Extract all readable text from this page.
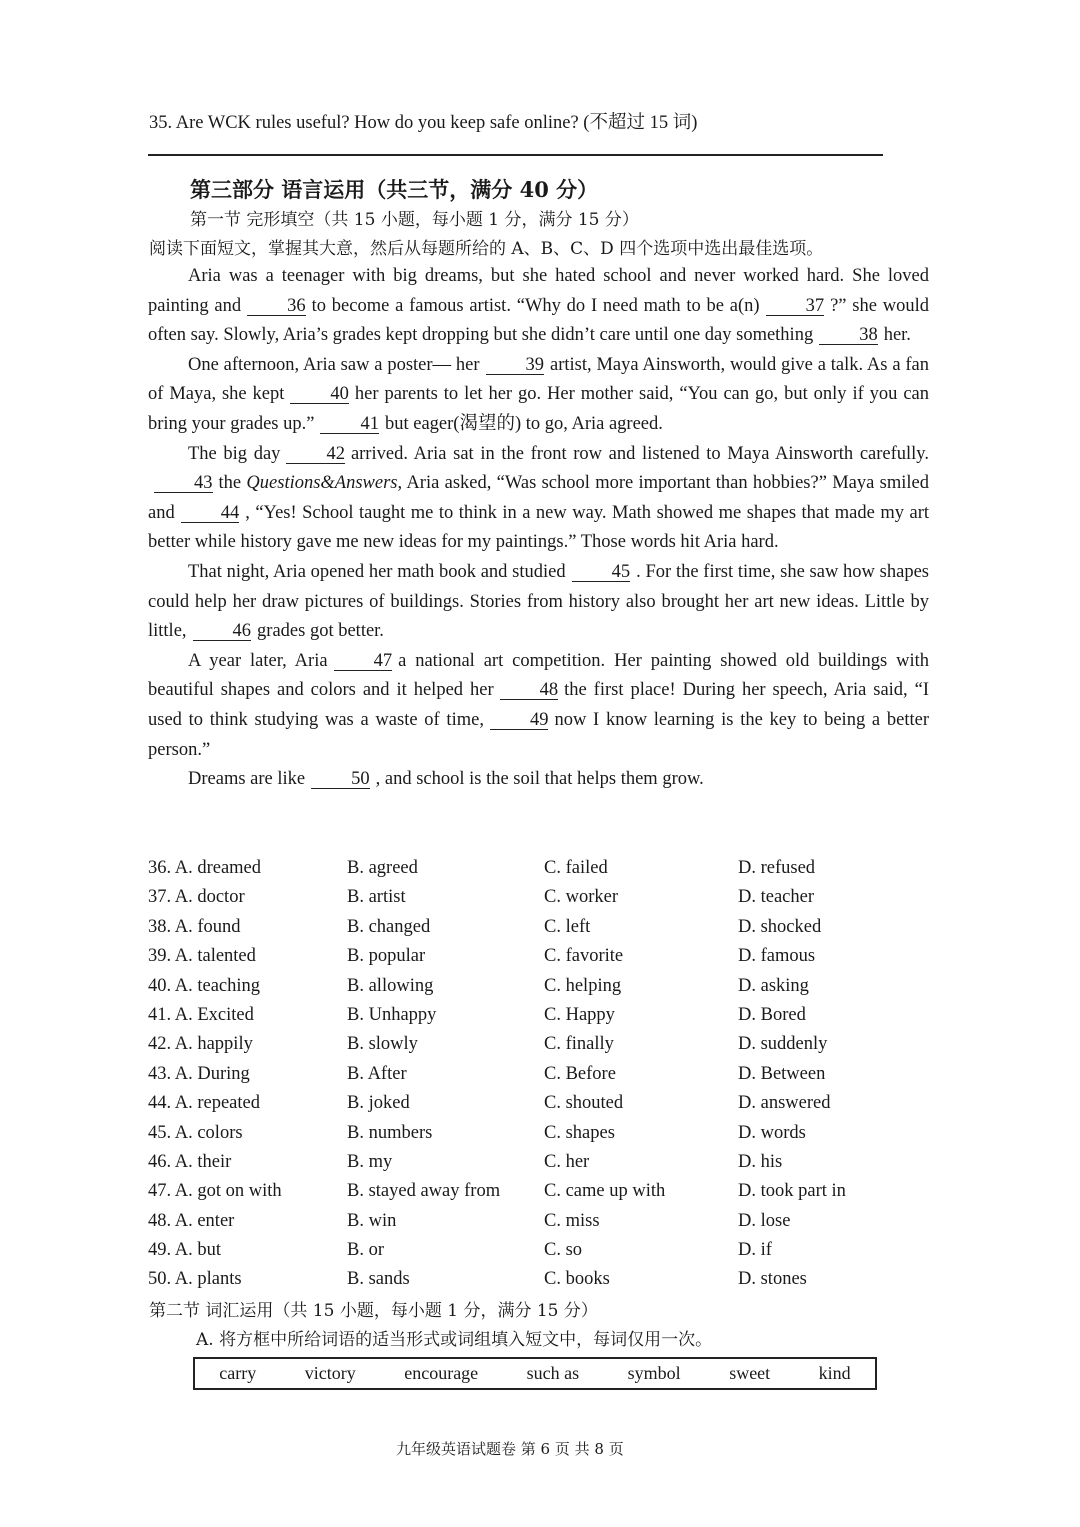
35. Are WCK rules useful? How do you keep safe online? (不超过 15 词)
第三部分 语言运用（共三节，满分 40 分）
第一节 完形填空（共 15 小题，每小题 1 分，满分 15 分）
阅读下面短文，掌握其大意，然后从每题所给的 A、B、C、D 四个选项中选出最佳选项。

Aria was a teenager with big dreams, but she hated school and never worked hard. She loved painting and 36 to become a famous artist. “Why do I need math to be a(n) 37 ?” she would often say. Slowly, Aria’s grades kept dropping but she didn’t care until one day something 38 her.

One afternoon, Aria saw a poster— her 39 artist, Maya Ainsworth, would give a talk. As a fan of Maya, she kept 40 her parents to let her go. Her mother said, “You can go, but only if you can bring your grades up.” 41 but eager(渴望的) to go, Aria agreed.

The big day 42 arrived. Aria sat in the front row and listened to Maya Ainsworth carefully.43 the Questions&Answers, Aria asked, “Was school more important than hobbies?” Maya smiled and 44 , “Yes! School taught me to think in a new way. Math showed me shapes that made my art better while history gave me new ideas for my paintings.” Those words hit Aria hard.

That night, Aria opened her math book and studied 45 . For the first time, she saw how shapes could help her draw pictures of buildings. Stories from history also brought her art new ideas. Little by little, 46 grades got better.

A year later, Aria 47 a national art competition. Her painting showed old buildings with beautiful shapes and colors and it helped her 48 the first place! During her speech, Aria said, “I used to think studying was a waste of time, 49 now I know learning is the key to being a better person.”

Dreams are like 50 , and school is the soil that helps them grow.

36. A. dreamed	B. agreed	C. failed	D. refused
37. A. doctor	B. artist	C. worker	D. teacher
38. A. found	B. changed	C. left	D. shocked
39. A. talented	B. popular	C. favorite	D. famous
40. A. teaching	B. allowing	C. helping	D. asking
41. A. Excited	B. Unhappy	C. Happy	D. Bored
42. A. happily	B. slowly	C. finally	D. suddenly
43. A. During	B. After	C. Before	D. Between
44. A. repeated	B. joked	C. shouted	D. answered
45. A. colors	B. numbers	C. shapes	D. words
46. A. their	B. my	C. her	D. his
47. A. got on with	B. stayed away from	C. came up with	D. took part in
48. A. enter	B. win	C. miss	D. lose
49. A. but	B. or	C. so	D. if
50. A. plants	B. sands	C. books	D. stones
第二节 词汇运用（共 15 小题，每小题 1 分，满分 15 分）
A. 将方框中所给词语的适当形式或词组填入短文中，每词仅用一次。
carry	victory	encourage	such as	symbol	sweet	kind
九年级英语试题卷 第 6 页 共 8 页
